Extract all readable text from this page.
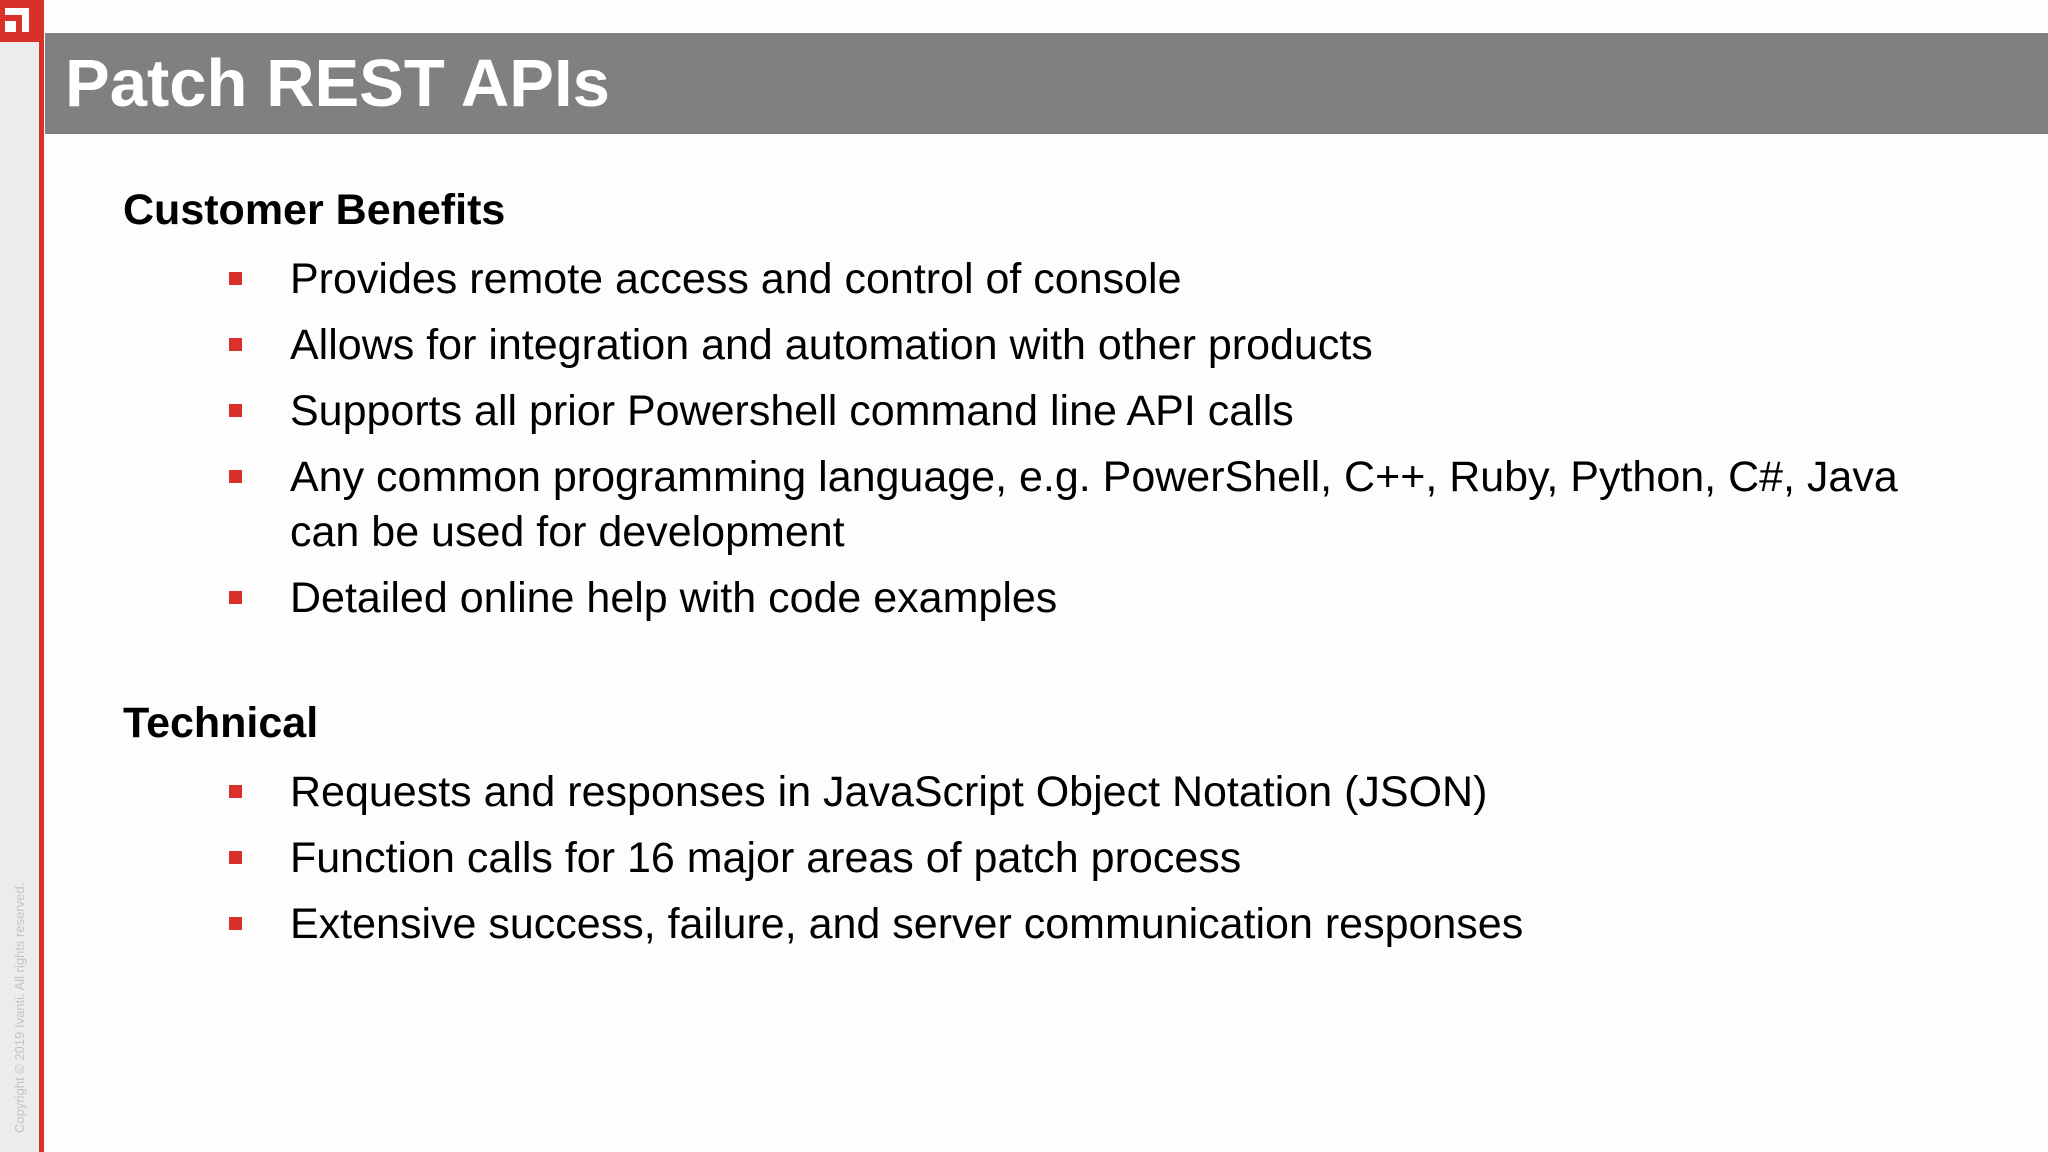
Copyright © 2019 Ivanti. All rights reserved.
Patch REST APIs
Customer Benefits
Provides remote access and control of console
Allows for integration and automation with other products
Supports all prior Powershell command line API calls
Any common programming language, e.g. PowerShell, C++, Ruby, Python, C#, Java can be used for development
Detailed online help with code examples
Technical
Requests and responses in JavaScript Object Notation (JSON)
Function calls for 16 major areas of patch process
Extensive success, failure, and server communication responses
